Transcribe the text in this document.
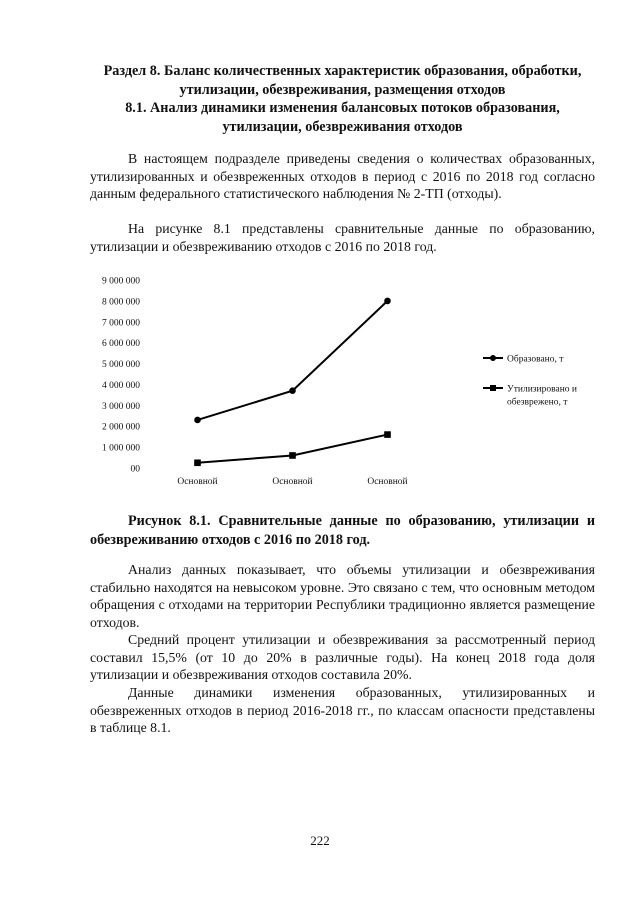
Раздел 8. Баланс количественных характеристик образования, обработки, утилизации, обезвреживания, размещения отходов
8.1. Анализ динамики изменения балансовых потоков образования, утилизации, обезвреживания отходов

В настоящем подразделе приведены сведения о количествах образованных, утилизированных и обезвреженных отходов в период с 2016 по 2018 год согласно данным федерального статистического наблюдения № 2-ТП (отходы).

На рисунке 8.1 представлены сравнительные данные по образованию, утилизации и обезвреживанию отходов с 2016 по 2018 год.

00
1 000 000
2 000 000
3 000 000
4 000 000
5 000 000
6 000 000
7 000 000
8 000 000
9 000 000
Основной	Основной	Основной
Образовано, т
Утилизировано и
обезврежено, т

Рисунок 8.1. Сравнительные данные по образованию, утилизации и обезвреживанию отходов с 2016 по 2018 год.

Анализ данных показывает, что объемы утилизации и обезвреживания стабильно находятся на невысоком уровне. Это связано с тем, что основным методом обращения с отходами на территории Республики традиционно является размещение отходов.

Средний процент утилизации и обезвреживания за рассмотренный период составил 15,5% (от 10 до 20% в различные годы). На конец 2018 года доля утилизации и обезвреживания отходов составила 20%.

Данные динамики изменения образованных, утилизированных и обезвреженных отходов в период 2016-2018 гг., по классам опасности представлены в таблице 8.1.

222
